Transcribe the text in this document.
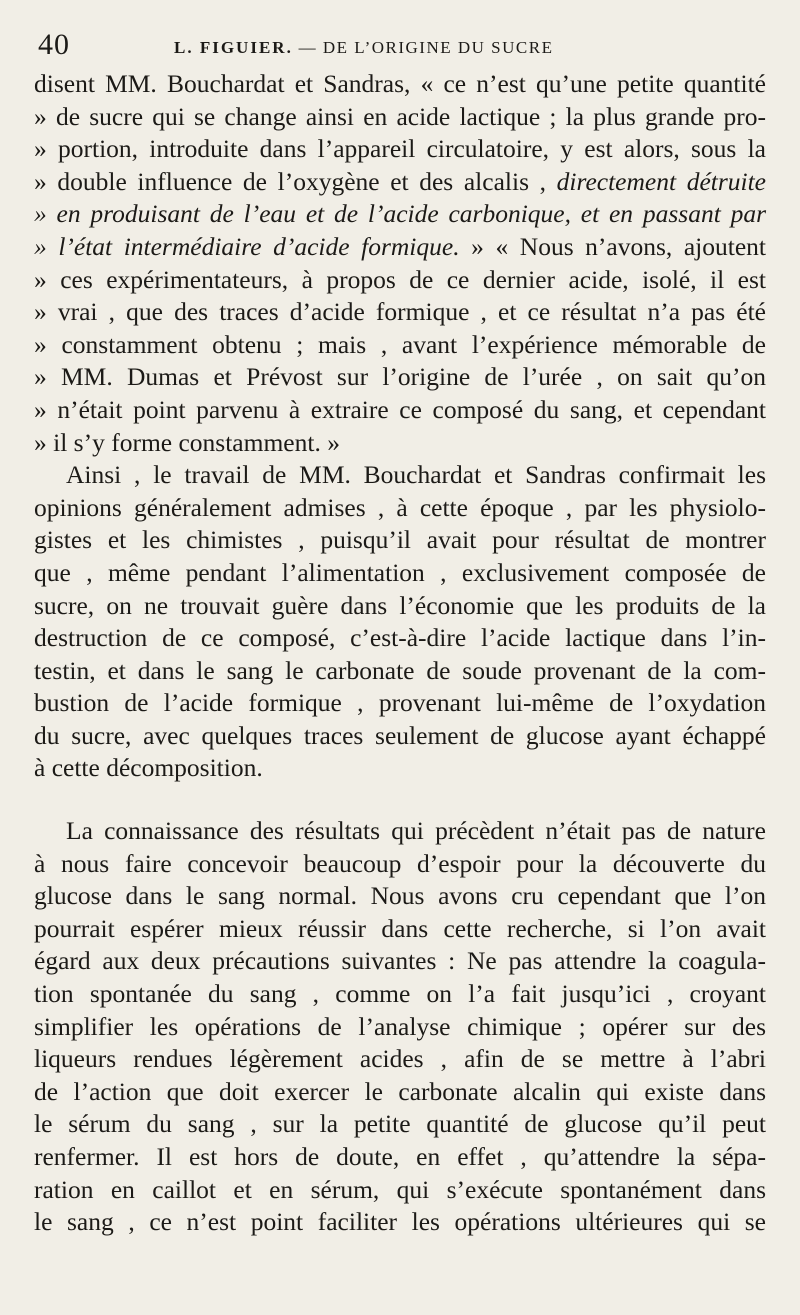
40	L. FIGUIER. — DE L’ORIGINE DU SUCRE
disent MM. Bouchardat et Sandras, « ce n’est qu’une petite quantité
» de sucre qui se change ainsi en acide lactique ; la plus grande pro-
» portion, introduite dans l’appareil circulatoire, y est alors, sous la
» double influence de l’oxygène et des alcalis , directement détruite
» en produisant de l’eau et de l’acide carbonique, et en passant par
» l’état intermédiaire d’acide formique. » « Nous n’avons, ajoutent
» ces expérimentateurs, à propos de ce dernier acide, isolé, il est
» vrai , que des traces d’acide formique , et ce résultat n’a pas été
» constamment obtenu ; mais , avant l’expérience mémorable de
» MM. Dumas et Prévost sur l’origine de l’urée , on sait qu’on
» n’était point parvenu à extraire ce composé du sang, et cependant
» il s’y forme constamment. »
Ainsi , le travail de MM. Bouchardat et Sandras confirmait les
opinions généralement admises , à cette époque , par les physiolo-
gistes et les chimistes , puisqu’il avait pour résultat de montrer
que , même pendant l’alimentation , exclusivement composée de
sucre, on ne trouvait guère dans l’économie que les produits de la
destruction de ce composé, c’est-à-dire l’acide lactique dans l’in-
testin, et dans le sang le carbonate de soude provenant de la com-
bustion de l’acide formique , provenant lui-même de l’oxydation
du sucre, avec quelques traces seulement de glucose ayant échappé
à cette décomposition.
La connaissance des résultats qui précèdent n’était pas de nature
à nous faire concevoir beaucoup d’espoir pour la découverte du
glucose dans le sang normal. Nous avons cru cependant que l’on
pourrait espérer mieux réussir dans cette recherche, si l’on avait
égard aux deux précautions suivantes : Ne pas attendre la coagula-
tion spontanée du sang , comme on l’a fait jusqu’ici , croyant
simplifier les opérations de l’analyse chimique ; opérer sur des
liqueurs rendues légèrement acides , afin de se mettre à l’abri
de l’action que doit exercer le carbonate alcalin qui existe dans
le sérum du sang , sur la petite quantité de glucose qu’il peut
renfermer. Il est hors de doute, en effet , qu’attendre la sépa-
ration en caillot et en sérum, qui s’exécute spontanément dans
le sang , ce n’est point faciliter les opérations ultérieures qui se
